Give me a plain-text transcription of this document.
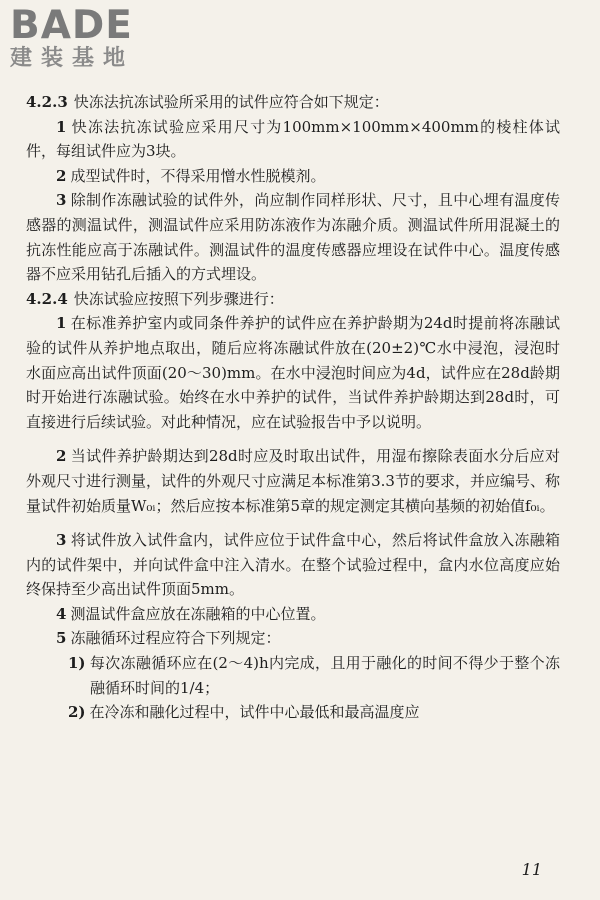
BADE
建装基地

4.2.3 快冻法抗冻试验所采用的试件应符合如下规定：

1 快冻法抗冻试验应采用尺寸为100mm×100mm×400mm的棱柱体试件，每组试件应为3块。

2 成型试件时，不得采用憎水性脱模剂。

3 除制作冻融试验的试件外，尚应制作同样形状、尺寸，且中心埋有温度传感器的测温试件，测温试件应采用防冻液作为冻融介质。测温试件所用混凝土的抗冻性能应高于冻融试件。测温试件的温度传感器应埋设在试件中心。温度传感器不应采用钻孔后插入的方式埋设。

4.2.4 快冻试验应按照下列步骤进行：

1 在标准养护室内或同条件养护的试件应在养护龄期为24d时提前将冻融试验的试件从养护地点取出，随后应将冻融试件放在(20±2)℃水中浸泡，浸泡时水面应高出试件顶面(20～30)mm。在水中浸泡时间应为4d，试件应在28d龄期时开始进行冻融试验。始终在水中养护的试件，当试件养护龄期达到28d时，可直接进行后续试验。对此种情况，应在试验报告中予以说明。

2 当试件养护龄期达到28d时应及时取出试件，用湿布擦除表面水分后应对外观尺寸进行测量，试件的外观尺寸应满足本标准第3.3节的要求，并应编号、称量试件初始质量W₀ᵢ；然后应按本标准第5章的规定测定其横向基频的初始值f₀ᵢ。

3 将试件放入试件盒内，试件应位于试件盒中心，然后将试件盒放入冻融箱内的试件架中，并向试件盒中注入清水。在整个试验过程中，盒内水位高度应始终保持至少高出试件顶面5mm。

4 测温试件盒应放在冻融箱的中心位置。

5 冻融循环过程应符合下列规定：

1) 每次冻融循环应在(2～4)h内完成，且用于融化的时间不得少于整个冻融循环时间的1/4；

2) 在冷冻和融化过程中，试件中心最低和最高温度应

11
